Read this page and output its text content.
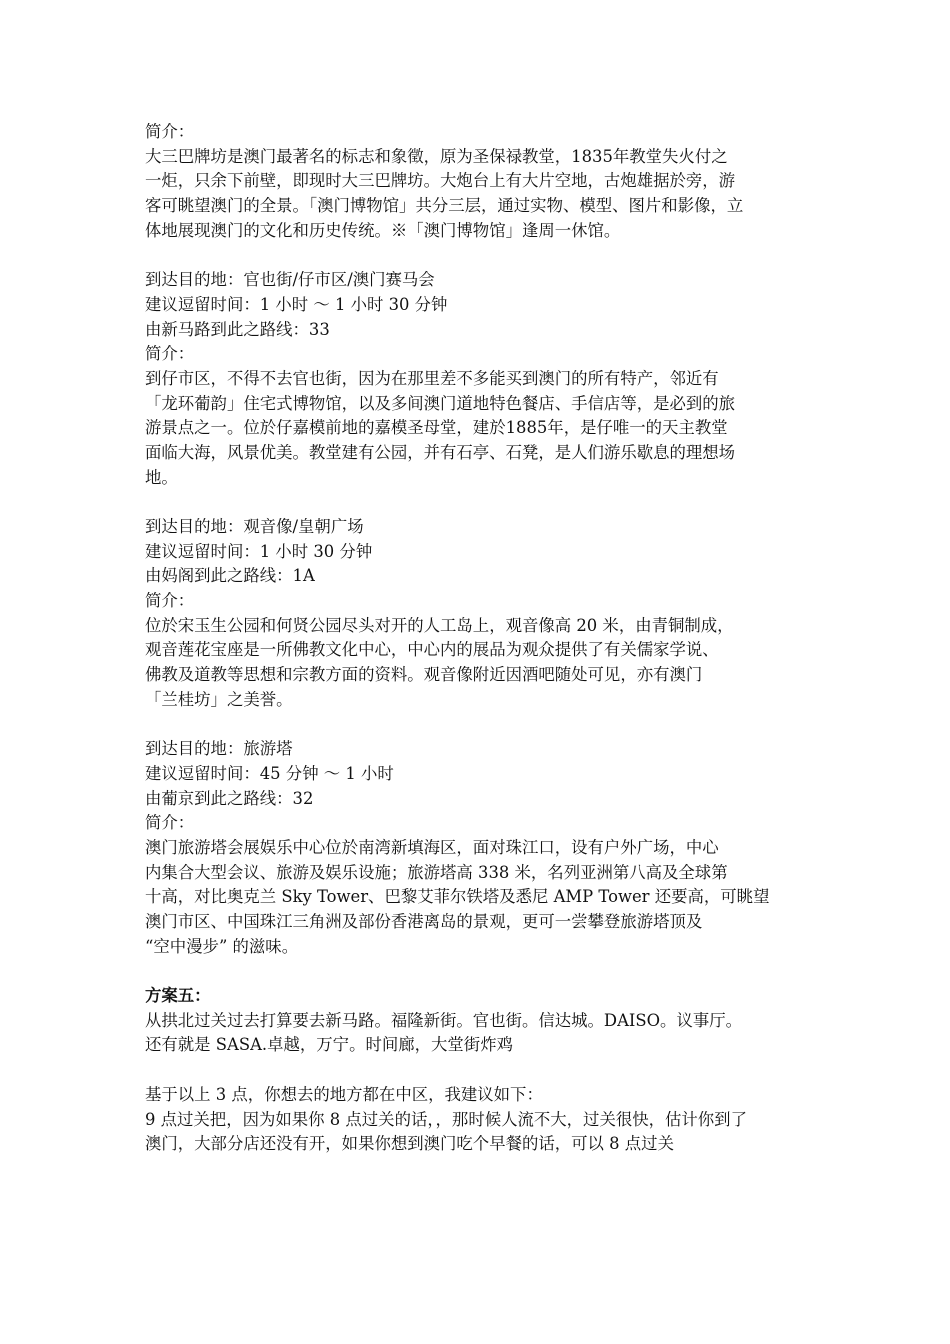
简介：
大三巴牌坊是澳门最著名的标志和象徵，原为圣保禄教堂，1835年教堂失火付之
一炬，只余下前壁，即现时大三巴牌坊。大炮台上有大片空地，古炮雄据於旁，游
客可眺望澳门的全景。「澳门博物馆」共分三层，通过实物、模型、图片和影像，立
体地展现澳门的文化和历史传统。※「澳门博物馆」逢周一休馆。
到达目的地：官也街/仔市区/澳门赛马会
建议逗留时间：1 小时 ～ 1 小时 30 分钟
由新马路到此之路线：33
简介：
到仔市区，不得不去官也街，因为在那里差不多能买到澳门的所有特产，邻近有
「龙环葡韵」住宅式博物馆，以及多间澳门道地特色餐店、手信店等，是必到的旅
游景点之一。位於仔嘉模前地的嘉模圣母堂，建於1885年，是仔唯一的天主教堂
面临大海，风景优美。教堂建有公园，并有石亭、石凳，是人们游乐歇息的理想场
地。
到达目的地：观音像/皇朝广场
建议逗留时间：1 小时 30 分钟
由妈阁到此之路线：1A
简介：
位於宋玉生公园和何贤公园尽头对开的人工岛上，观音像高 20 米，由青铜制成，
观音莲花宝座是一所佛教文化中心，中心内的展品为观众提供了有关儒家学说、
佛教及道教等思想和宗教方面的资料。观音像附近因酒吧随处可见，亦有澳门
「兰桂坊」之美誉。
到达目的地：旅游塔
建议逗留时间：45 分钟 ～ 1 小时
由葡京到此之路线：32
简介：
澳门旅游塔会展娱乐中心位於南湾新填海区，面对珠江口，设有户外广场，中心
内集合大型会议、旅游及娱乐设施；旅游塔高 338 米，名列亚洲第八高及全球第
十高，对比奥克兰 Sky Tower、巴黎艾菲尔铁塔及悉尼 AMP Tower 还要高，可眺望
澳门市区、中国珠江三角洲及部份香港离岛的景观，更可一尝攀登旅游塔顶及
“空中漫步” 的滋味。
方案五：
从拱北过关过去打算要去新马路。福隆新街。官也街。信达城。DAISO。议事厅。
还有就是 SASA.卓越，万宁。时间廊，大堂街炸鸡
基于以上 3 点，你想去的地方都在中区，我建议如下：
9 点过关把，因为如果你 8 点过关的话，，那时候人流不大，过关很快，估计你到了
澳门，大部分店还没有开，如果你想到澳门吃个早餐的话，可以 8 点过关
